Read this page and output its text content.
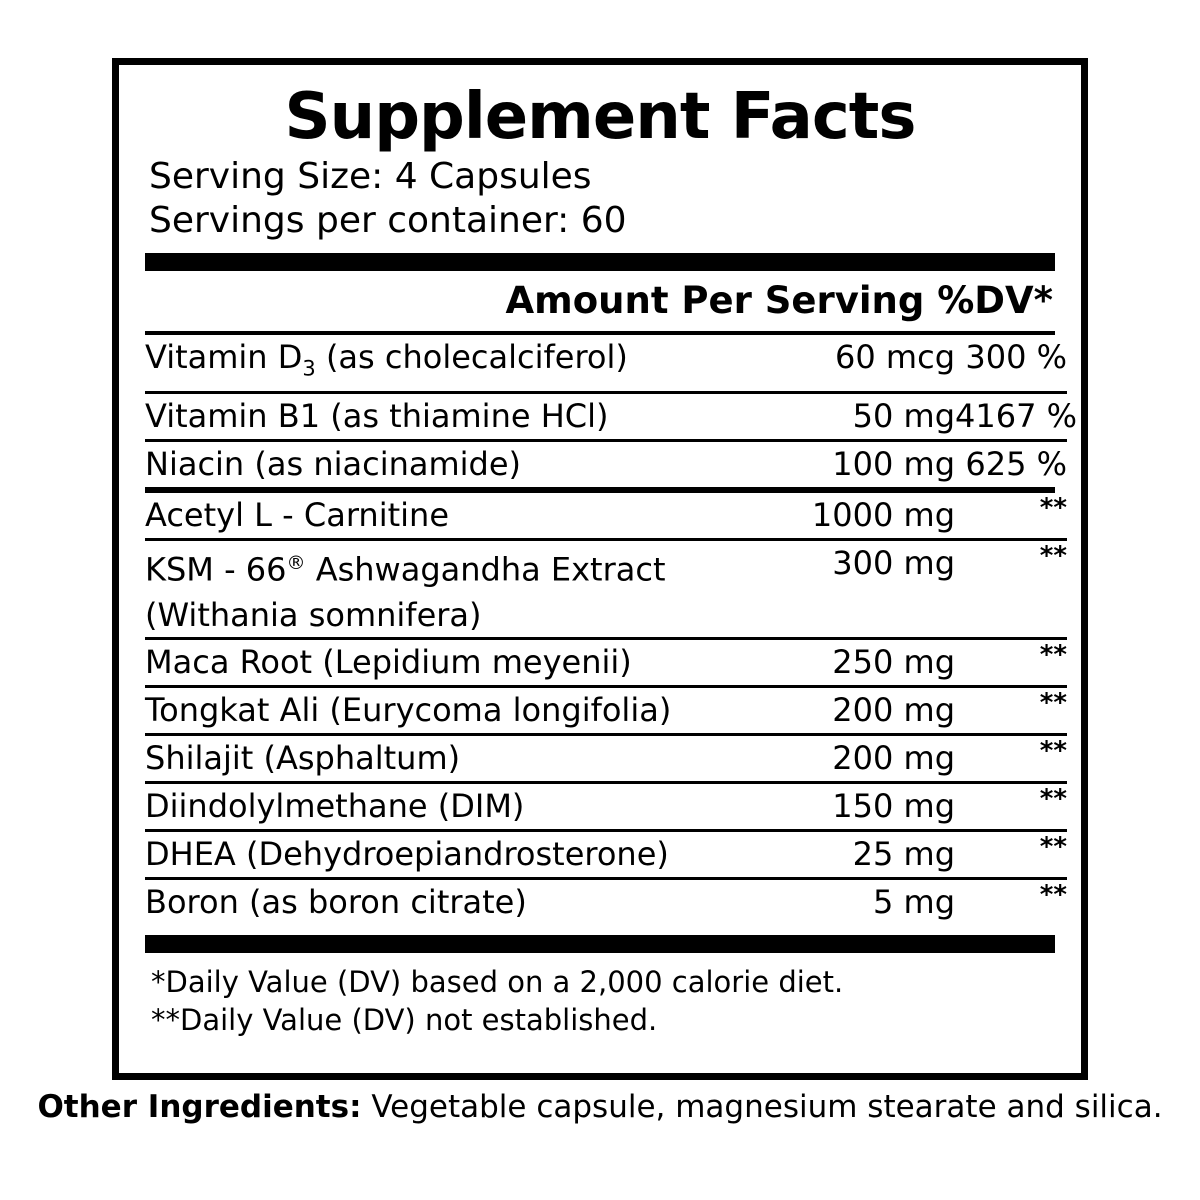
Supplement Facts
Serving Size: 4 Capsules
Servings per container: 60
Amount Per Serving %DV*
Vitamin $D_3$ (as cholecalciferol)	60 mcg	300 %

Vitamin B1 (as thiamine HCl)	50 mg	4167 %

Niacin (as niacinamide)	100 mg	625 %
Acetyl L - Carnitine	1000 mg	**

KSM - 66® Ashwagandha Extract	300 mg	**
(Withania somnifera)		

Maca Root (Lepidium meyenii)	250 mg	**

Tongkat Ali (Eurycoma longifolia)	200 mg	**

Shilajit (Asphaltum)	200 mg	**

Diindolylmethane (DIM)	150 mg	**

DHEA (Dehydroepiandrosterone)	25 mg	**

Boron (as boron citrate)	5 mg	**
*Daily Value (DV) based on a 2,000 calorie diet.
**Daily Value (DV) not established.
Other Ingredients: Vegetable capsule, magnesium stearate and silica.
